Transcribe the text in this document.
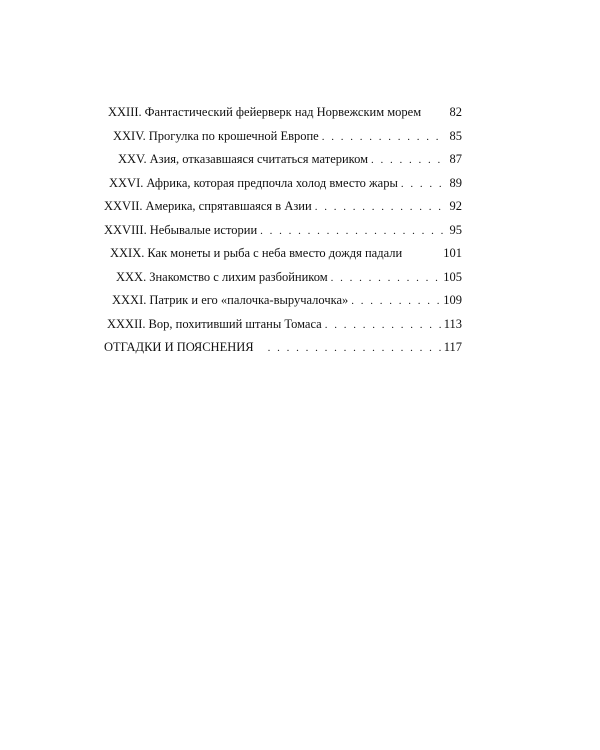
XXIII. Фантастический фейерверк над Норвежским морем	82
XXIV. Прогулка по крошечной Европе . . .	85
XXV. Азия, отказавшаяся считаться материком . . .	87
XXVI. Африка, которая предпочла холод вместо жары . . .	89
XXVII. Америка, спрятавшаяся в Азии . . .	92
XXVIII. Небывалые истории . . .	95
XXIX. Как монеты и рыба с неба вместо дождя падали	101
XXX. Знакомство с лихим разбойником . . .	105
XXXI. Патрик и его «палочка-выручалочка» . . .	109
XXXII. Вор, похитивший штаны Томаса . . .	113
ОТГАДКИ И ПОЯСНЕНИЯ . . .	117
